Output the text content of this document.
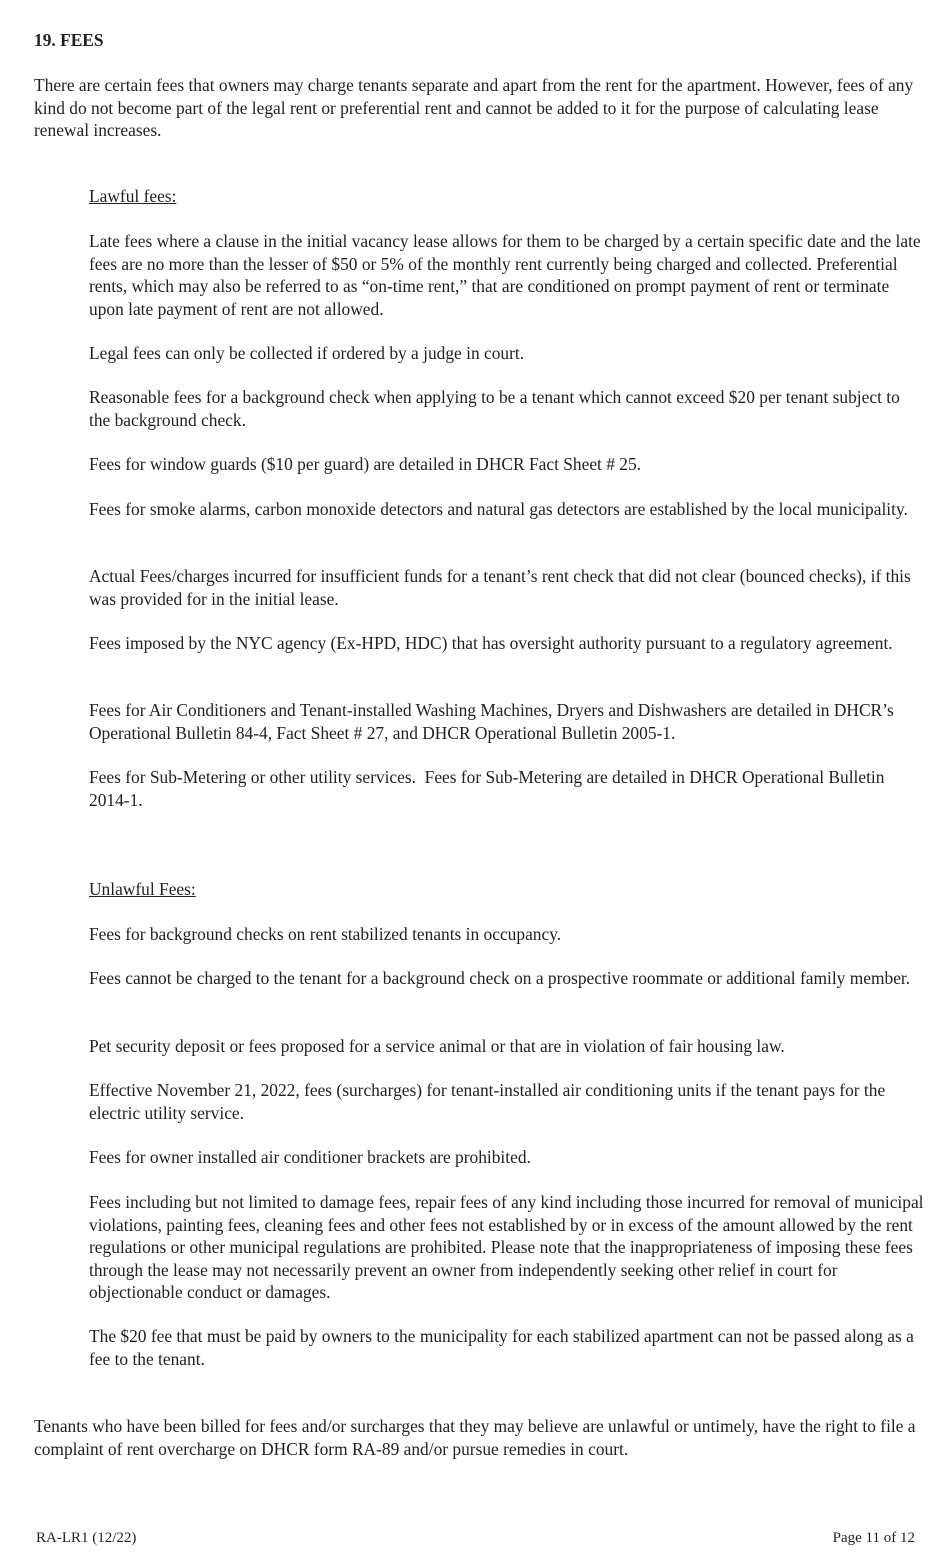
19. FEES

There are certain fees that owners may charge tenants separate and apart from the rent for the apartment. However, fees of any kind do not become part of the legal rent or preferential rent and cannot be added to it for the purpose of calculating lease renewal increases.

Lawful fees:

Late fees where a clause in the initial vacancy lease allows for them to be charged by a certain specific date and the late fees are no more than the lesser of $50 or 5% of the monthly rent currently being charged and collected. Preferential rents, which may also be referred to as “on-time rent,” that are conditioned on prompt payment of rent or terminate upon late payment of rent are not allowed.

Legal fees can only be collected if ordered by a judge in court.

Reasonable fees for a background check when applying to be a tenant which cannot exceed $20 per tenant subject to the background check.

Fees for window guards ($10 per guard) are detailed in DHCR Fact Sheet # 25.

Fees for smoke alarms, carbon monoxide detectors and natural gas detectors are established by the local municipality.

Actual Fees/charges incurred for insufficient funds for a tenant’s rent check that did not clear (bounced checks), if this was provided for in the initial lease.

Fees imposed by the NYC agency (Ex-HPD, HDC) that has oversight authority pursuant to a regulatory agreement.

Fees for Air Conditioners and Tenant-installed Washing Machines, Dryers and Dishwashers are detailed in DHCR’s Operational Bulletin 84-4, Fact Sheet # 27, and DHCR Operational Bulletin 2005-1.

Fees for Sub-Metering or other utility services.  Fees for Sub-Metering are detailed in DHCR Operational Bulletin 2014-1.

Unlawful Fees:

Fees for background checks on rent stabilized tenants in occupancy.

Fees cannot be charged to the tenant for a background check on a prospective roommate or additional family member.

Pet security deposit or fees proposed for a service animal or that are in violation of fair housing law.

Effective November 21, 2022, fees (surcharges) for tenant-installed air conditioning units if the tenant pays for the electric utility service.

Fees for owner installed air conditioner brackets are prohibited.

Fees including but not limited to damage fees, repair fees of any kind including those incurred for removal of municipal violations, painting fees, cleaning fees and other fees not established by or in excess of the amount allowed by the rent regulations or other municipal regulations are prohibited. Please note that the inappropriateness of imposing these fees through the lease may not necessarily prevent an owner from independently seeking other relief in court for objectionable conduct or damages.

The $20 fee that must be paid by owners to the municipality for each stabilized apartment can not be passed along as a fee to the tenant.

Tenants who have been billed for fees and/or surcharges that they may believe are unlawful or untimely, have the right to file a complaint of rent overcharge on DHCR form RA-89 and/or pursue remedies in court.

RA-LR1 (12/22)	Page 11 of 12
